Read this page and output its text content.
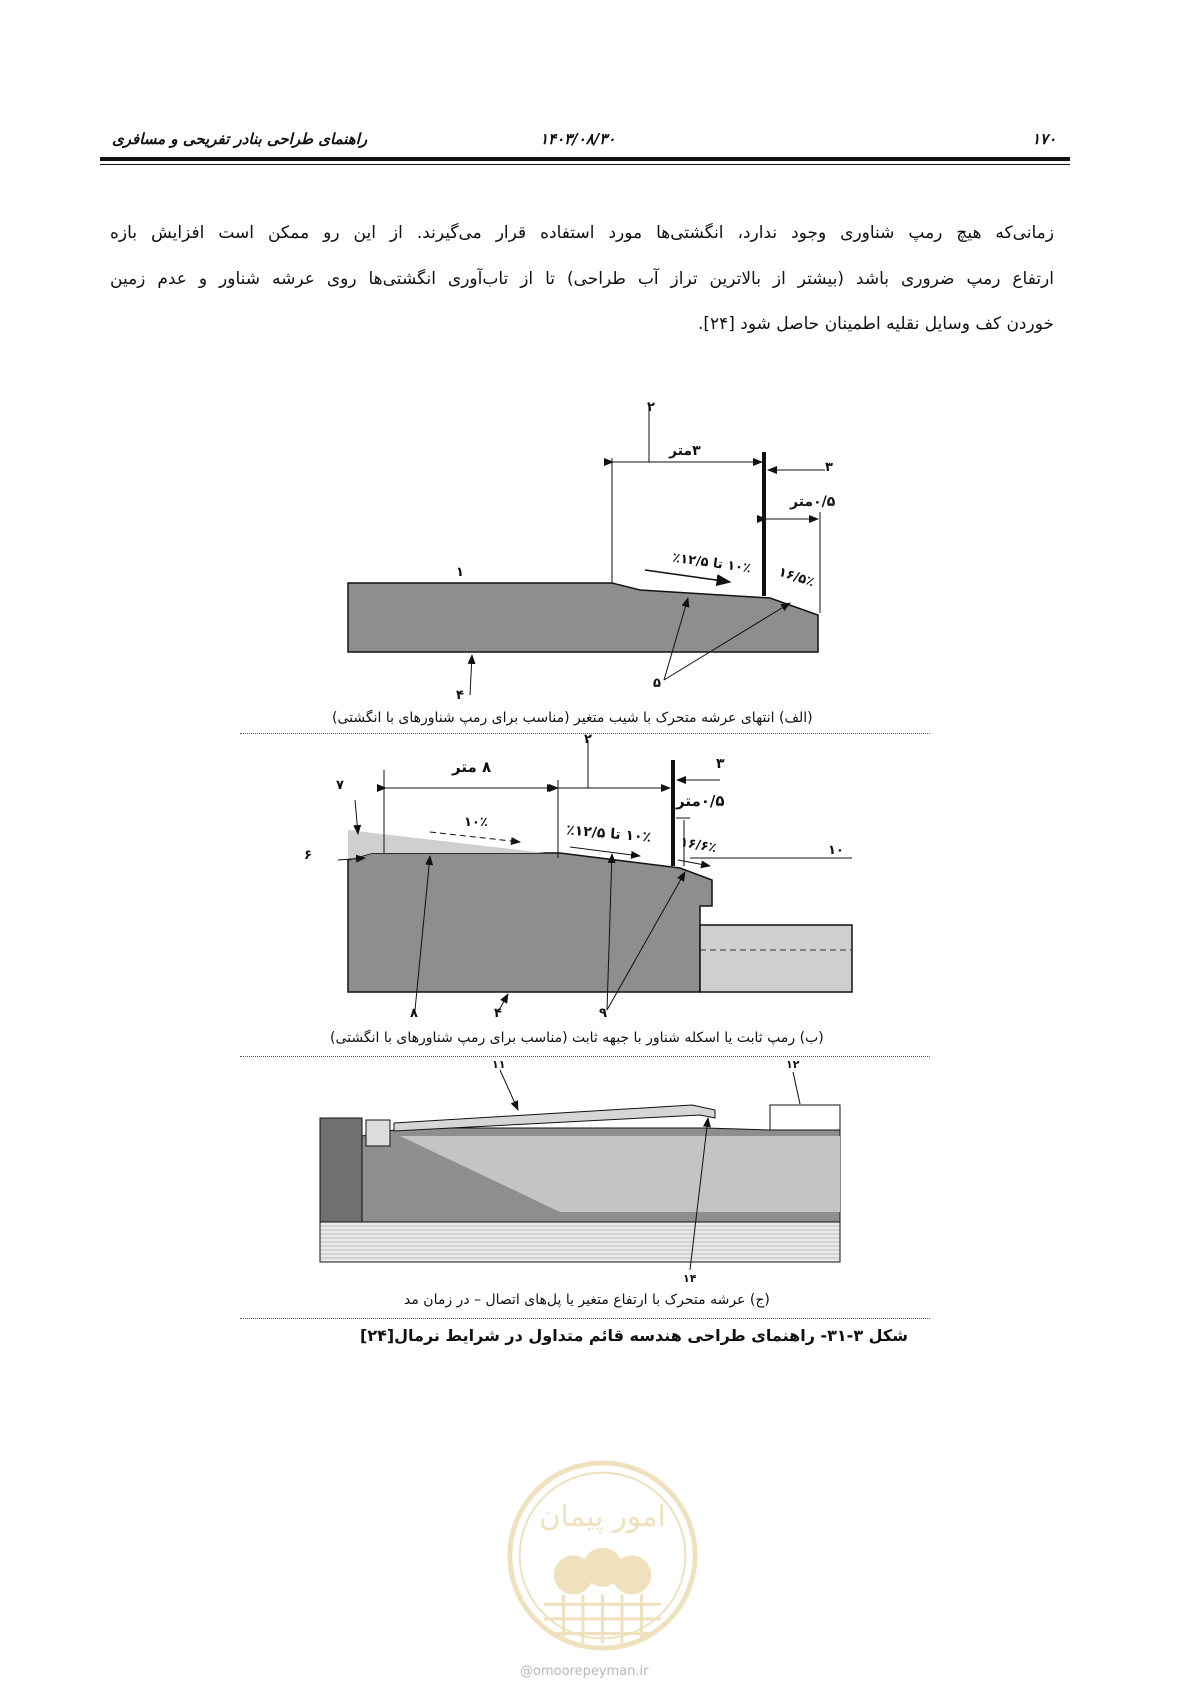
۱۷۰
۱۴۰۳/۰۸/۳۰
راهنمای طراحی بنادر تفریحی و مسافری
زمانی‌که هیچ رمپ شناوری وجود ندارد، انگشتی‌ها مورد استفاده قرار می‌گیرند. از این رو ممکن است افزایش بازه
ارتفاع رمپ ضروری باشد (بیشتر از بالاترین تراز آب طراحی) تا از تاب‌آوری انگشتی‌ها روی عرشه شناور و عدم زمین
خوردن کف وسایل نقلیه اطمینان حاصل شود [۲۴].
۲
۳متر
۳
۰/۵متر
۱۰٪ تا ۱۲/۵٪ ۱۶/۵٪
۱
۴
۵
(الف) انتهای عرشه متحرک با شیب متغیر (مناسب برای رمپ شناورهای با انگشتی)
۲
۳
۸ متر
۰/۵متر
۷
۶
۱۰٪	۱۰٪ تا ۱۲/۵٪ ۱۶/۶٪	۱۰
۸	۴	۹
(ب) رمپ ثابت یا اسکله شناور با جبهه ثابت (مناسب برای رمپ شناورهای با انگشتی)
۱۱	۱۲
۱۴
(ج) عرشه متحرک با ارتفاع متغیر یا پل‌های اتصال – در زمان مد
شکل ۳-۳۱- راهنمای طراحی هندسه قائم متداول در شرایط نرمال[۲۴]
امور پیمان
@omoorepeyman.ir
